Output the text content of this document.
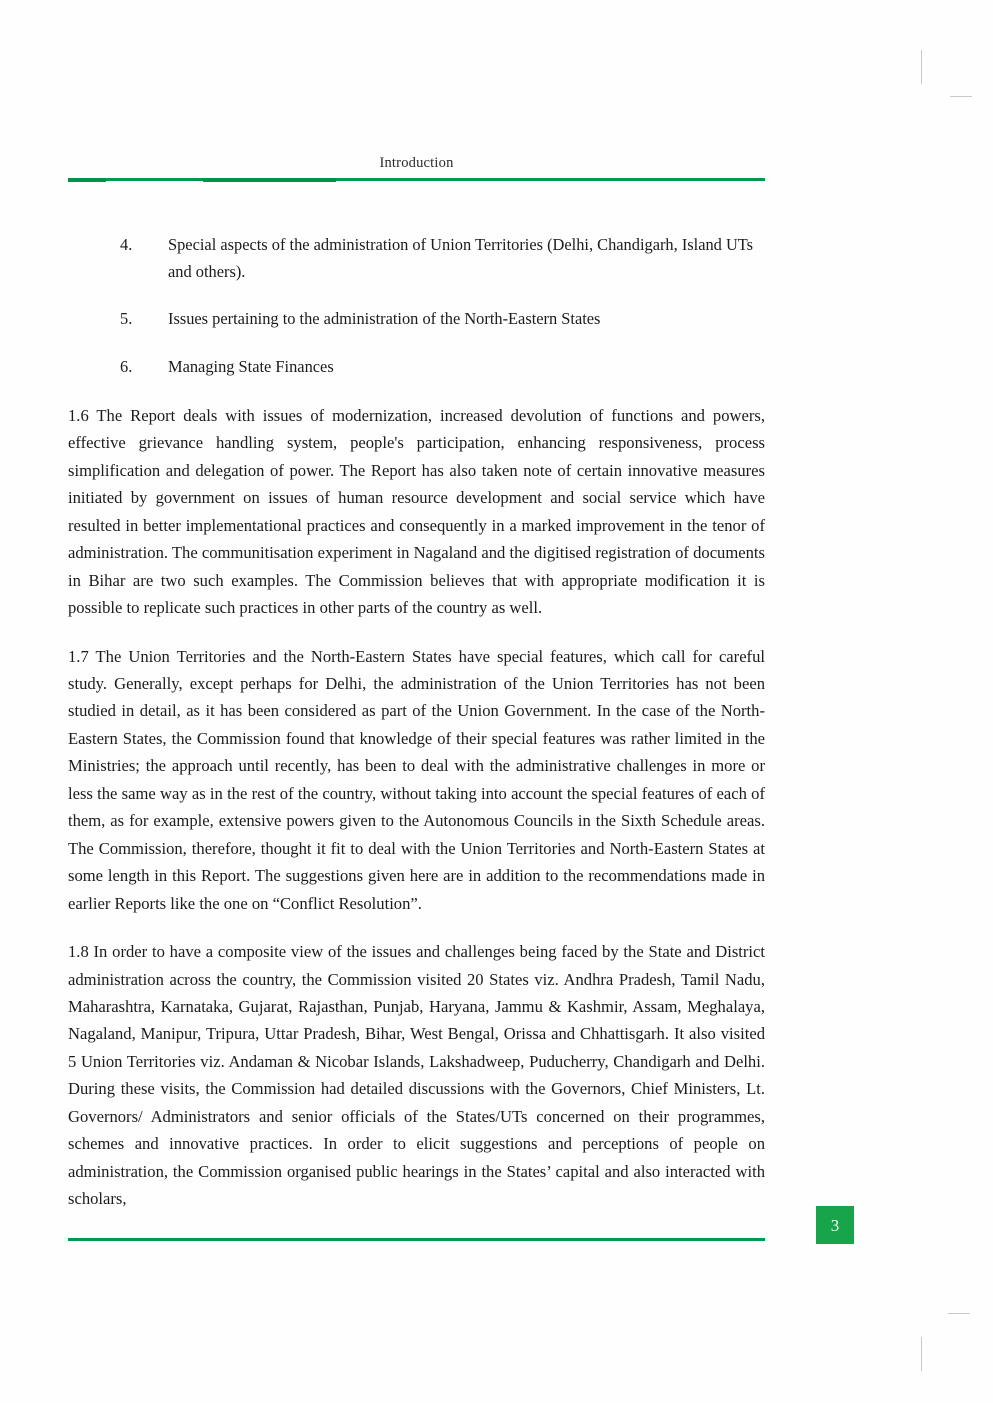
Introduction
4. Special aspects of the administration of Union Territories (Delhi, Chandigarh, Island UTs and others).
5. Issues pertaining to the administration of the North-Eastern States
6. Managing State Finances

1.6 The Report deals with issues of modernization, increased devolution of functions and powers, effective grievance handling system, people's participation, enhancing responsiveness, process simplification and delegation of power. The Report has also taken note of certain innovative measures initiated by government on issues of human resource development and social service which have resulted in better implementational practices and consequently in a marked improvement in the tenor of administration. The communitisation experiment in Nagaland and the digitised registration of documents in Bihar are two such examples. The Commission believes that with appropriate modification it is possible to replicate such practices in other parts of the country as well.

1.7 The Union Territories and the North-Eastern States have special features, which call for careful study. Generally, except perhaps for Delhi, the administration of the Union Territories has not been studied in detail, as it has been considered as part of the Union Government. In the case of the North-Eastern States, the Commission found that knowledge of their special features was rather limited in the Ministries; the approach until recently, has been to deal with the administrative challenges in more or less the same way as in the rest of the country, without taking into account the special features of each of them, as for example, extensive powers given to the Autonomous Councils in the Sixth Schedule areas. The Commission, therefore, thought it fit to deal with the Union Territories and North-Eastern States at some length in this Report. The suggestions given here are in addition to the recommendations made in earlier Reports like the one on “Conflict Resolution”.

1.8 In order to have a composite view of the issues and challenges being faced by the State and District administration across the country, the Commission visited 20 States viz. Andhra Pradesh, Tamil Nadu, Maharashtra, Karnataka, Gujarat, Rajasthan, Punjab, Haryana, Jammu & Kashmir, Assam, Meghalaya, Nagaland, Manipur, Tripura, Uttar Pradesh, Bihar, West Bengal, Orissa and Chhattisgarh. It also visited 5 Union Territories viz. Andaman & Nicobar Islands, Lakshadweep, Puducherry, Chandigarh and Delhi. During these visits, the Commission had detailed discussions with the Governors, Chief Ministers, Lt. Governors/ Administrators and senior officials of the States/UTs concerned on their programmes, schemes and innovative practices. In order to elicit suggestions and perceptions of people on administration, the Commission organised public hearings in the States’ capital and also interacted with scholars,

3
